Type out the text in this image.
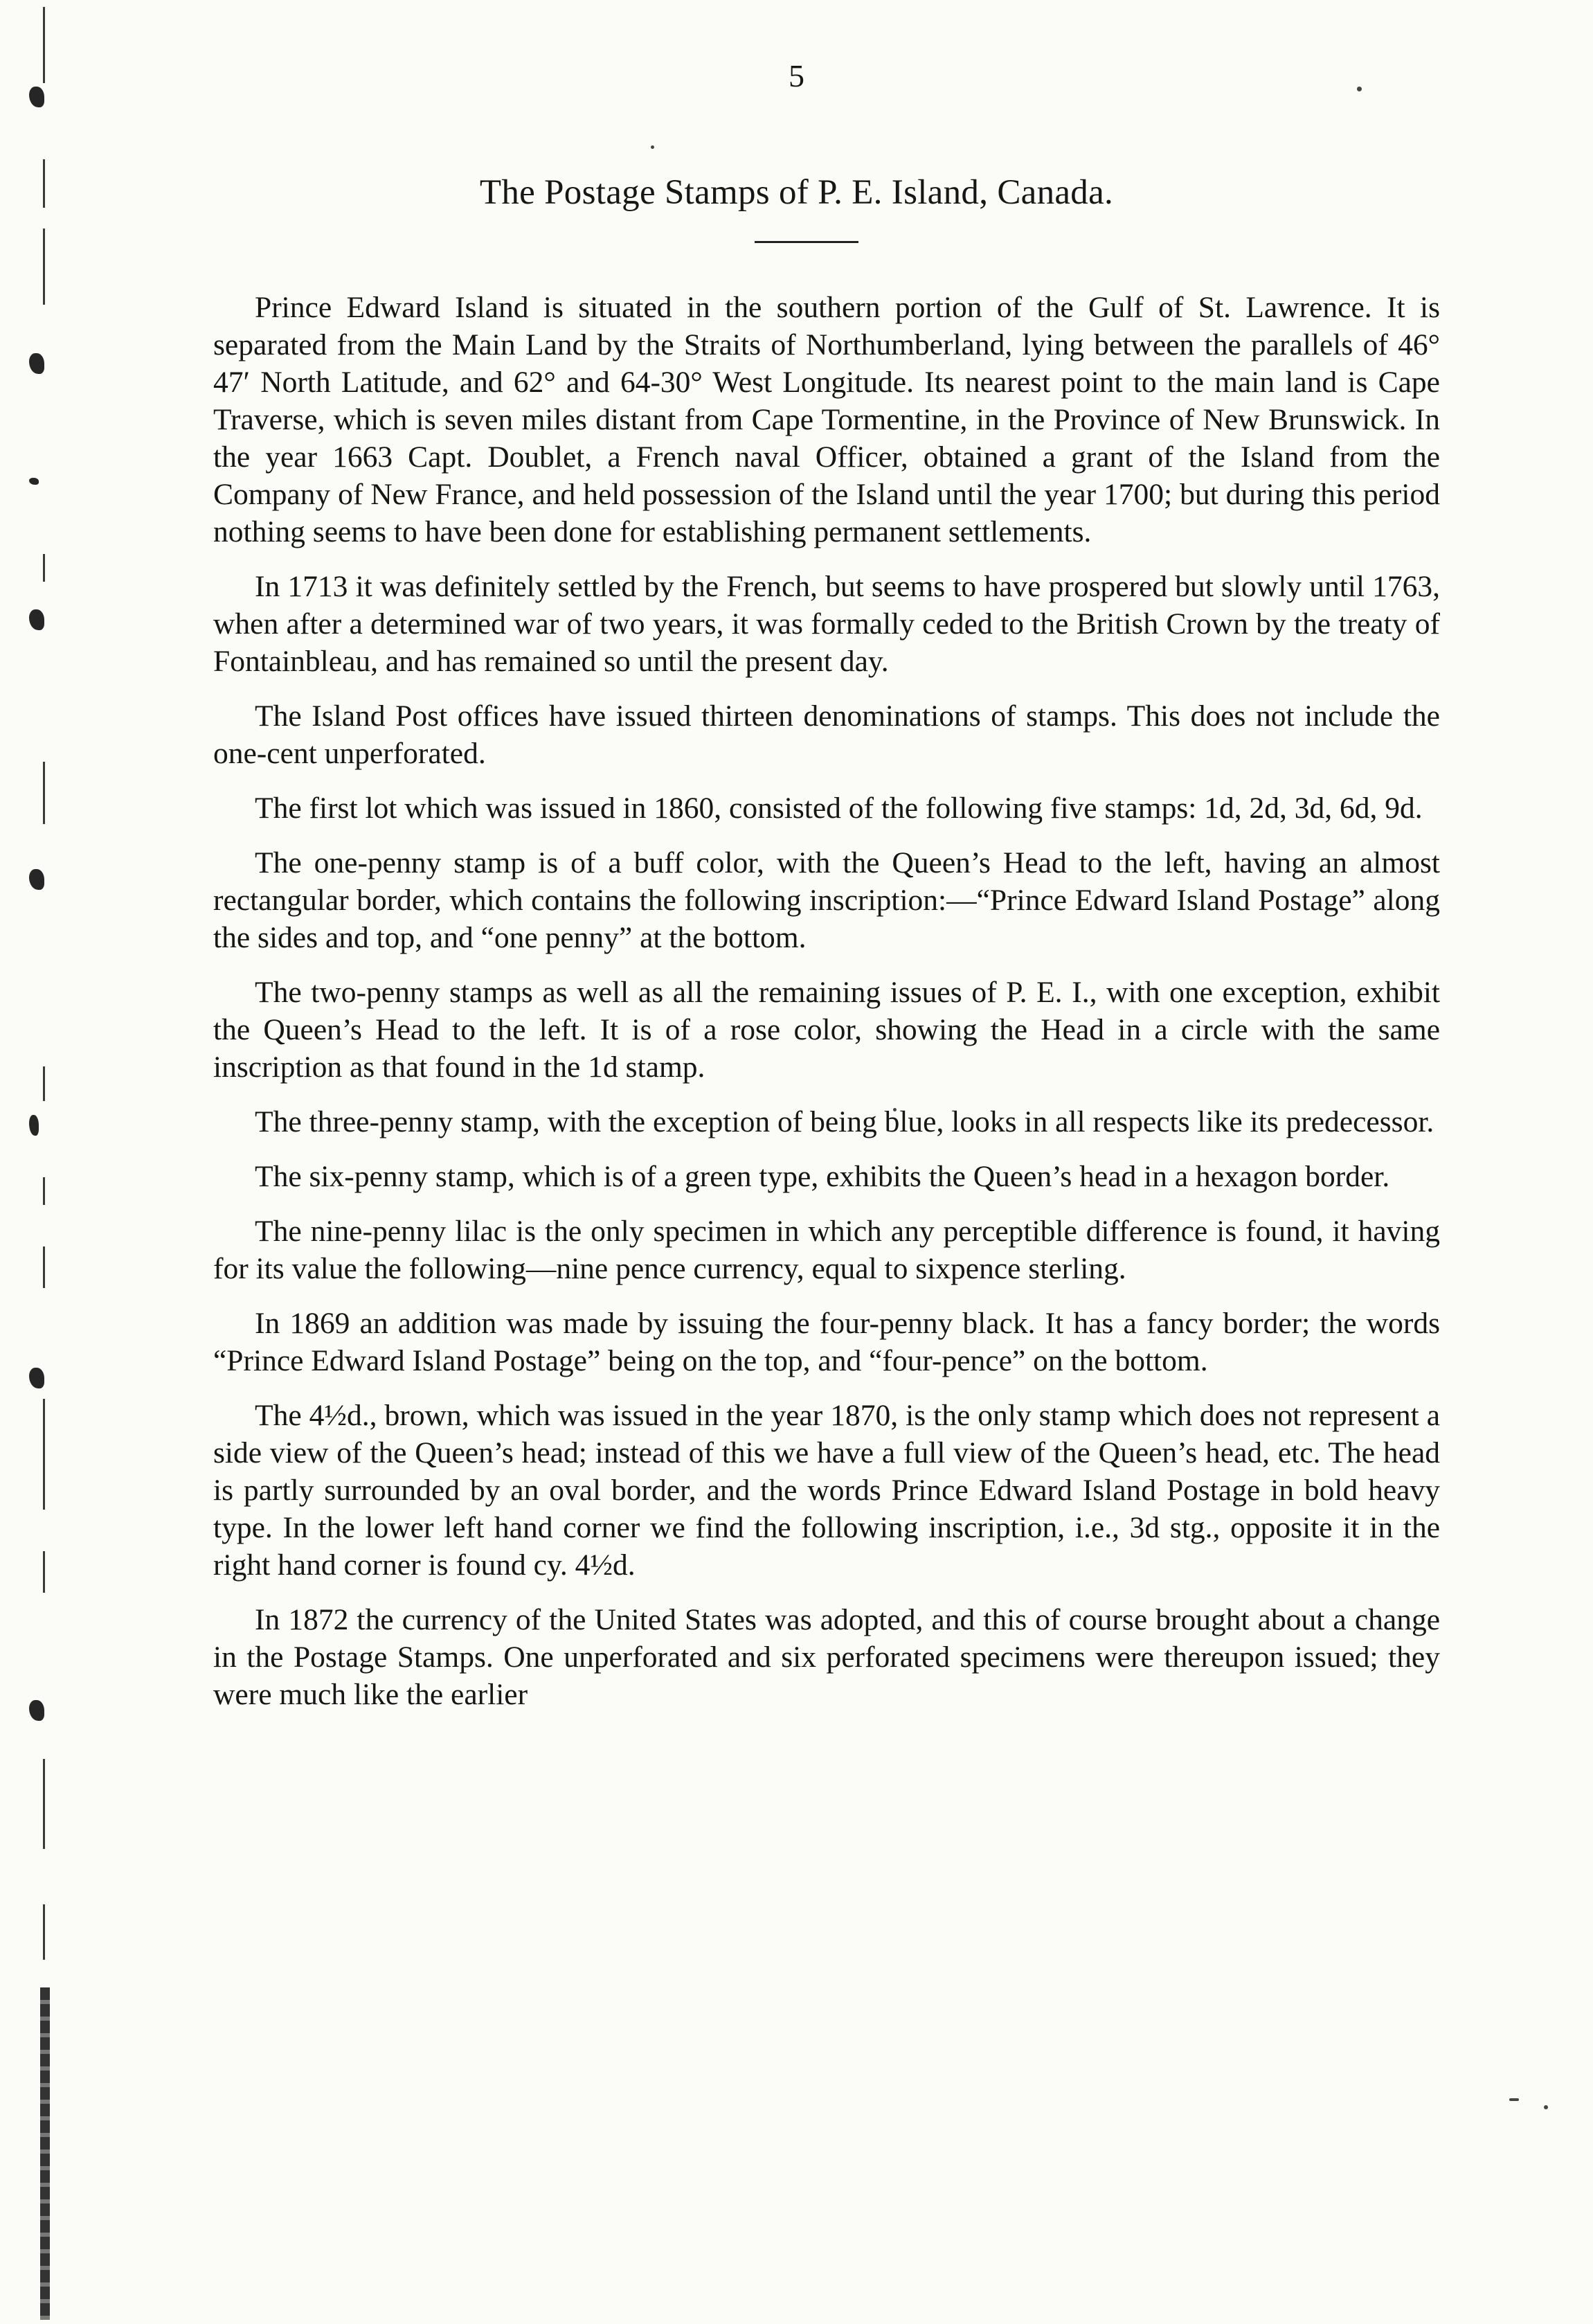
5
The Postage Stamps of P. E. Island, Canada.

Prince Edward Island is situated in the southern portion of the Gulf of St. Lawrence. It is separated from the Main Land by the Straits of Northumberland, lying between the parallels of 46° 47′ North Latitude, and 62° and 64-30° West Longitude. Its nearest point to the main land is Cape Traverse, which is seven miles distant from Cape Tormentine, in the Province of New Brunswick. In the year 1663 Capt. Doublet, a French naval Officer, obtained a grant of the Island from the Company of New France, and held possession of the Island until the year 1700; but during this period nothing seems to have been done for establishing permanent settlements.

In 1713 it was definitely settled by the French, but seems to have prospered but slowly until 1763, when after a determined war of two years, it was formally ceded to the British Crown by the treaty of Fontainbleau, and has remained so until the present day.

The Island Post offices have issued thirteen denominations of stamps. This does not include the one-cent unperforated.

The first lot which was issued in 1860, consisted of the following five stamps: 1d, 2d, 3d, 6d, 9d.

The one-penny stamp is of a buff color, with the Queen’s Head to the left, having an almost rectangular border, which contains the following inscription:—“Prince Edward Island Postage” along the sides and top, and “one penny” at the bottom.

The two-penny stamps as well as all the remaining issues of P. E. I., with one exception, exhibit the Queen’s Head to the left. It is of a rose color, showing the Head in a circle with the same inscription as that found in the 1d stamp.

The three-penny stamp, with the exception of being blue, looks in all respects like its predecessor.

The six-penny stamp, which is of a green type, exhibits the Queen’s head in a hexagon border.

The nine-penny lilac is the only specimen in which any perceptible difference is found, it having for its value the following—nine pence currency, equal to sixpence sterling.

In 1869 an addition was made by issuing the four-penny black. It has a fancy border; the words “Prince Edward Island Postage” being on the top, and “four-pence” on the bottom.

The 4½d., brown, which was issued in the year 1870, is the only stamp which does not represent a side view of the Queen’s head; instead of this we have a full view of the Queen’s head, etc. The head is partly surrounded by an oval border, and the words Prince Edward Island Postage in bold heavy type. In the lower left hand corner we find the following inscription, i.e., 3d stg., opposite it in the right hand corner is found cy. 4½d.

In 1872 the currency of the United States was adopted, and this of course brought about a change in the Postage Stamps. One unperforated and six perforated specimens were thereupon issued; they were much like the earlier
